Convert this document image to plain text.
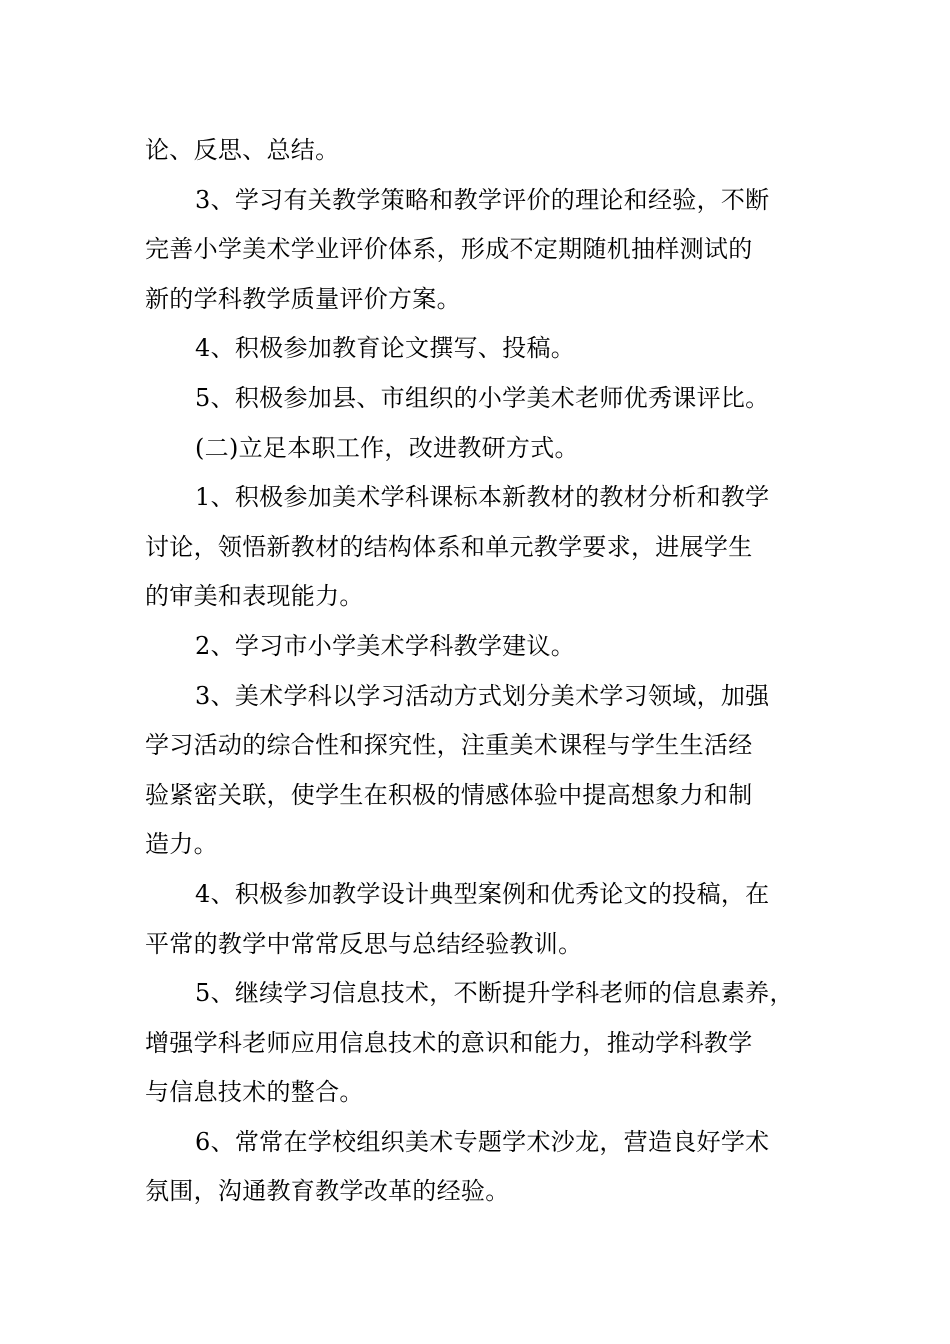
论、反思、总结。

3、学习有关教学策略和教学评价的理论和经验，不断
完善小学美术学业评价体系，形成不定期随机抽样测试的
新的学科教学质量评价方案。

4、积极参加教育论文撰写、投稿。

5、积极参加县、市组织的小学美术老师优秀课评比。

(二)立足本职工作，改进教研方式。

1、积极参加美术学科课标本新教材的教材分析和教学
讨论，领悟新教材的结构体系和单元教学要求，进展学生
的审美和表现能力。

2、学习市小学美术学科教学建议。

3、美术学科以学习活动方式划分美术学习领域，加强
学习活动的综合性和探究性，注重美术课程与学生生活经
验紧密关联，使学生在积极的情感体验中提高想象力和制
造力。

4、积极参加教学设计典型案例和优秀论文的投稿，在
平常的教学中常常反思与总结经验教训。

5、继续学习信息技术，不断提升学科老师的信息素养，
增强学科老师应用信息技术的意识和能力，推动学科教学
与信息技术的整合。

6、常常在学校组织美术专题学术沙龙，营造良好学术
氛围，沟通教育教学改革的经验。
